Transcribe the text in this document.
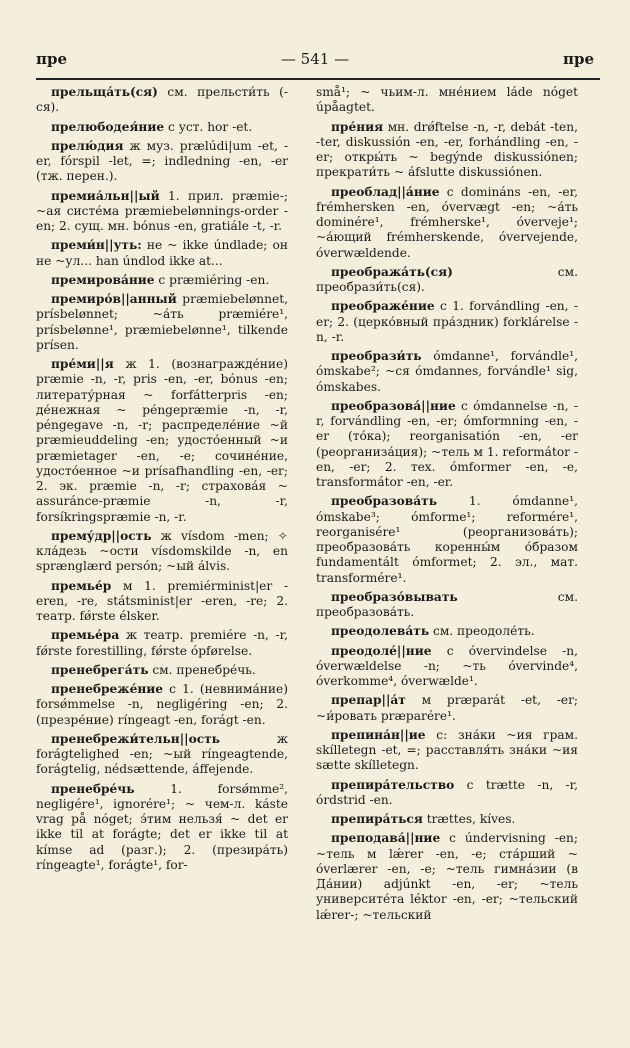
пре	— 541 —	пре

прельща́ть(ся) см. прельсти́ть (-ся).

прелюбодея́ние с уст. hor -et.

прелю́дия ж муз. prælúdi|um -et, -er, fórspil -let, =; indledning -en, -er (тж. перен.).

премиа́льн||ый 1. прил. præmie-; ~ая систе́ма præmiebelønnings-order -en; 2. сущ. мн. bónus -en, gratiále -t, -r.

преми́н||уть: не ~ ikke úndlade; он не ~ул... han úndlod ikke at...

премирова́ние с præmiéring -en.

премиро́в||анный præmiebelønnet, prísbelønnet; ~а́ть præmiére¹, prísbelønne¹, præmiebelønne¹, tilkende prísen.

пре́ми||я ж 1. (вознагражде́ние) præmie -n, -r, pris -en, -er, bónus -en; литерату́рная ~ forfátterpris -en; де́нежная ~ péngepræmie -n, -r, péngegave -n, -r; распределе́ние ~й præmieuddeling -en; удосто́енный ~и præmietager -en, -e; сочине́ние, удосто́енное ~и prísafhandling -en, -er; 2. эк. præmie -n, -r; страхова́я ~ assuránce-præmie -n, -r, forsíkringspræmie -n, -r.

прему́др||ость ж vísdom -men; ✧ кла́дезь ~ости vísdomskilde -n, en sprænglærd persón; ~ый álvis.

премье́р м 1. premiérminist|er -eren, -re, státsminist|er -eren, -re; 2. театр. fǿrste élsker.

премье́ра ж театр. premiére -n, -r, fǿrste forestilling, fǿrste ópførelse.

пренебрега́ть см. пренебре́чь.

пренебреже́ние с 1. (невнима́ние) forsǿmmelse -n, negligéring -en; 2. (презре́ние) ríngeagt -en, forágt -en.

пренебрежи́тельн||ость ж forágtelighed -en; ~ый ríngeagtende, forágtelig, nédsættende, áffejende.

пренебре́чь 1. forsǿmme², negligére¹, ignorére¹; ~ чем-л. káste vrag på nóget; э́тим нельзя́ ~ det er ikke til at forágte; det er ikke til at kímse ad (разг.); 2. (презира́ть) ríngeagte¹, forágte¹, for-

små¹; ~ чьим-л. мне́нием láde nóget úpåagtet.

пре́ния мн. drǿftelse -n, -r, debát -ten, -ter, diskussión -en, -er, forhándling -en, -er; откры́ть ~ begýnde diskussiónen; прекрати́ть ~ áfslutte diskussiónen.

преоблад||а́ние с domináns -en, -er, frémhersken -en, óvervægt -en; ~а́ть dominére¹, frémherske¹, óverveje¹; ~а́ющий frémherskende, óvervejende, óverwældende.

преобража́ть(ся) см. преобрази́ть(ся).

преображе́ние с 1. forvándling -en, -er; 2. (церко́вный пра́здник) forklárelse -n, -r.

преобрази́ть ómdanne¹, forvándle¹, ómskabe²; ~ся ómdannes, forvándle¹ sig, ómskabes.

преобразова́||ние с ómdannelse -n, -r, forvándling -en, -er; ómformning -en, -er (то́ка); reorganisatión -en, -er (реорганиза́ция); ~тель м 1. reformátor -en, -er; 2. тех. ómformer -en, -e, transformátor -en, -er.

преобразова́ть 1. ómdanne¹, ómskabe³; ómforme¹; reformére¹, reorganisére¹ (реорганизова́ть); преобразова́ть коренны́м о́бразом fundamentált ómformet; 2. эл., мат. transformére¹.

преобразо́вывать см. преобразова́ть.

преодолева́ть см. преодоле́ть.

преодоле́||ние с óvervindelse -n, óverwældelse -n; ~ть óvervinde⁴, óverkomme⁴, óverwælde¹.

препар||а́т м præparát -et, -er; ~и́ровать præparére¹.

препина́н||ие с: зна́ки ~ия грам. skílletegn -et, =; расставля́ть зна́ки ~ия sætte skílletegn.

препира́тельство с trætte -n, -r, órdstrid -en.

препира́ться trættes, kíves.

преподава́||ние с úndervisning -en; ~тель м lǽrer -en, -e; ста́рший ~ óverlærer -en, -e; ~тель гимна́зии (в Да́нии) adjúnkt -en, -er; ~тель университе́та léktor -en, -er; ~тельский lǽrer-; ~тельский
